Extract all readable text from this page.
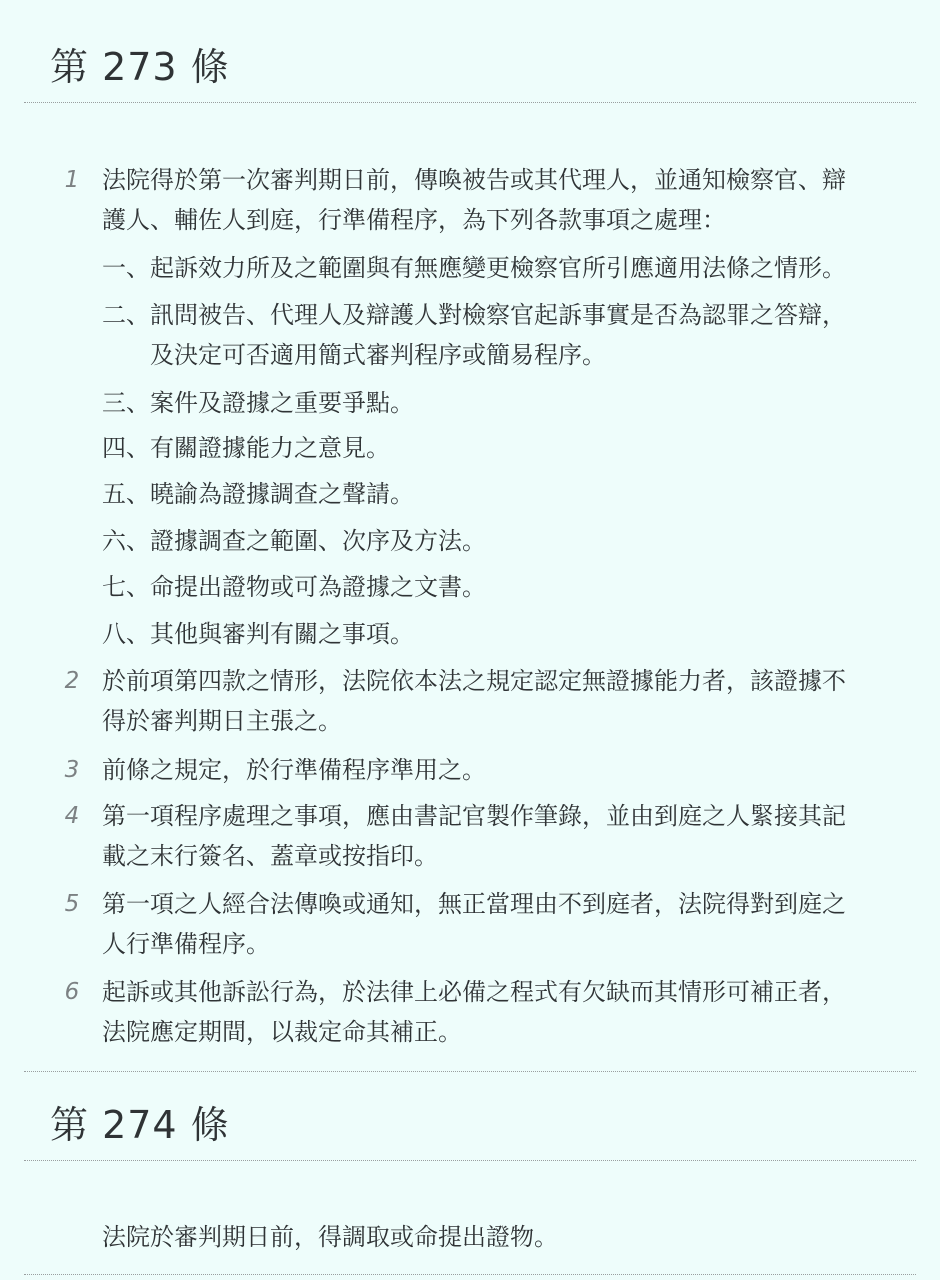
第 273 條
1 法院得於第一次審判期日前，傳喚被告或其代理人，並通知檢察官、辯
護人、輔佐人到庭，行準備程序，為下列各款事項之處理：
一、起訴效力所及之範圍與有無應變更檢察官所引應適用法條之情形。
二、訊問被告、代理人及辯護人對檢察官起訴事實是否為認罪之答辯，
及決定可否適用簡式審判程序或簡易程序。
三、案件及證據之重要爭點。
四、有關證據能力之意見。
五、曉諭為證據調查之聲請。
六、證據調查之範圍、次序及方法。
七、命提出證物或可為證據之文書。
八、其他與審判有關之事項。
2 於前項第四款之情形，法院依本法之規定認定無證據能力者，該證據不
得於審判期日主張之。
3 前條之規定，於行準備程序準用之。
4 第一項程序處理之事項，應由書記官製作筆錄，並由到庭之人緊接其記
載之末行簽名、蓋章或按指印。
5 第一項之人經合法傳喚或通知，無正當理由不到庭者，法院得對到庭之
人行準備程序。
6 起訴或其他訴訟行為，於法律上必備之程式有欠缺而其情形可補正者，
法院應定期間，以裁定命其補正。
第 274 條
法院於審判期日前，得調取或命提出證物。
